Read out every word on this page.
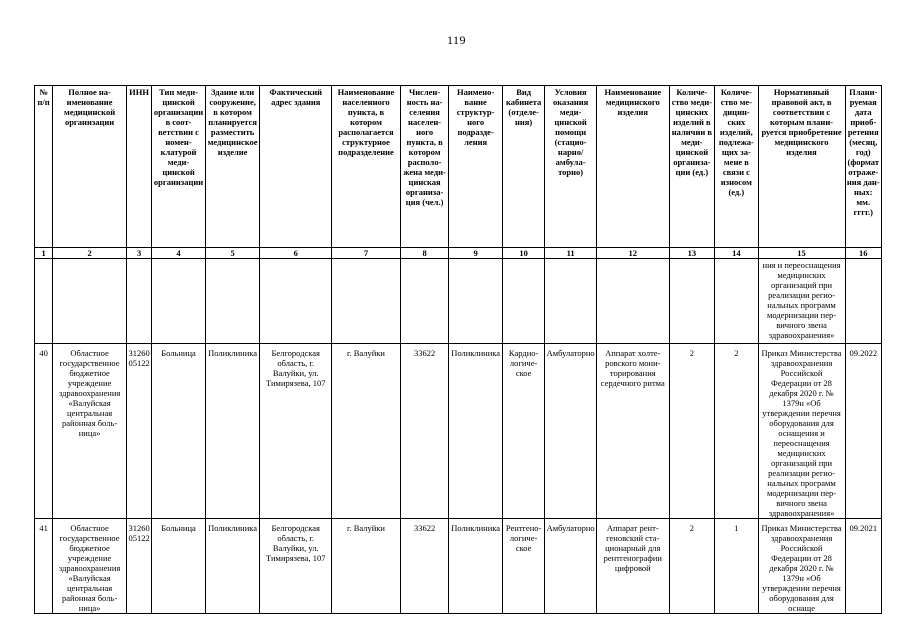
119
№ п/п	Полное наименование медицинской организации	ИНН	Тип медицинской организации в соответствии с номенклатурой медицинской организации	Здание или сооружение, в котором планируется разместить медицинское изделие	Фактический адрес здания	Наименование населенного пункта, в котором располагается структурное подразделение	Численность населения населенного пункта, в котором расположена медицинская организация (чел.)	Наименование структурного подразделения	Вид кабинета (отделения)	Условия оказания медицинской помощи (стационарно/ амбулаторно)	Наименование медицинского изделия	Количество медицинских изделий в наличии в медицинской организации (ед.)	Количество медицинских изделий, подлежащих замене в связи с износом (ед.)	Нормативный правовой акт, в соответствии с которым планируется приобретение медицинского изделия	Планируемая дата приобретения (месяц, год) (формат отражения данных: мм. гггг.)
1	2	3	4	5	6	7	8	9	10	11	12	13	14	15	16
														ния и переоснащения медицинских организаций при реализации региональных программ модернизации первичного звена здравоохранения»	
40	Областное государственное бюджетное учреждение здравоохранения «Валуйская центральная районная больница»	3126005122	Больница	Поликлиника	Белгородская область, г. Валуйки, ул. Тимирязева, 107	г. Валуйки	33622	Поликлиника	Кардиологическое	Амбулаторно	Аппарат холтеровского мониторирования сердечного ритма	2	2	Приказ Министерства здравоохранения Российской Федерации от 28 декабря 2020 г. № 1379н «Об утверждении перечня оборудования для оснащения и переоснащения медицинских организаций при реализации региональных программ модернизации первичного звена здравоохранения»	09.2022
41	Областное государственное бюджетное учреждение здравоохранения «Валуйская центральная районная больница»	3126005122	Больница	Поликлиника	Белгородская область, г. Валуйки, ул. Тимирязева, 107	г. Валуйки	33622	Поликлиника	Рентгенологическое	Амбулаторно	Аппарат рентгеновский стационарный для рентгенографии цифровой	2	1	Приказ Министерства здравоохранения Российской Федерации от 28 декабря 2020 г. № 1379н «Об утверждении перечня оборудования для оснаще	09.2021
